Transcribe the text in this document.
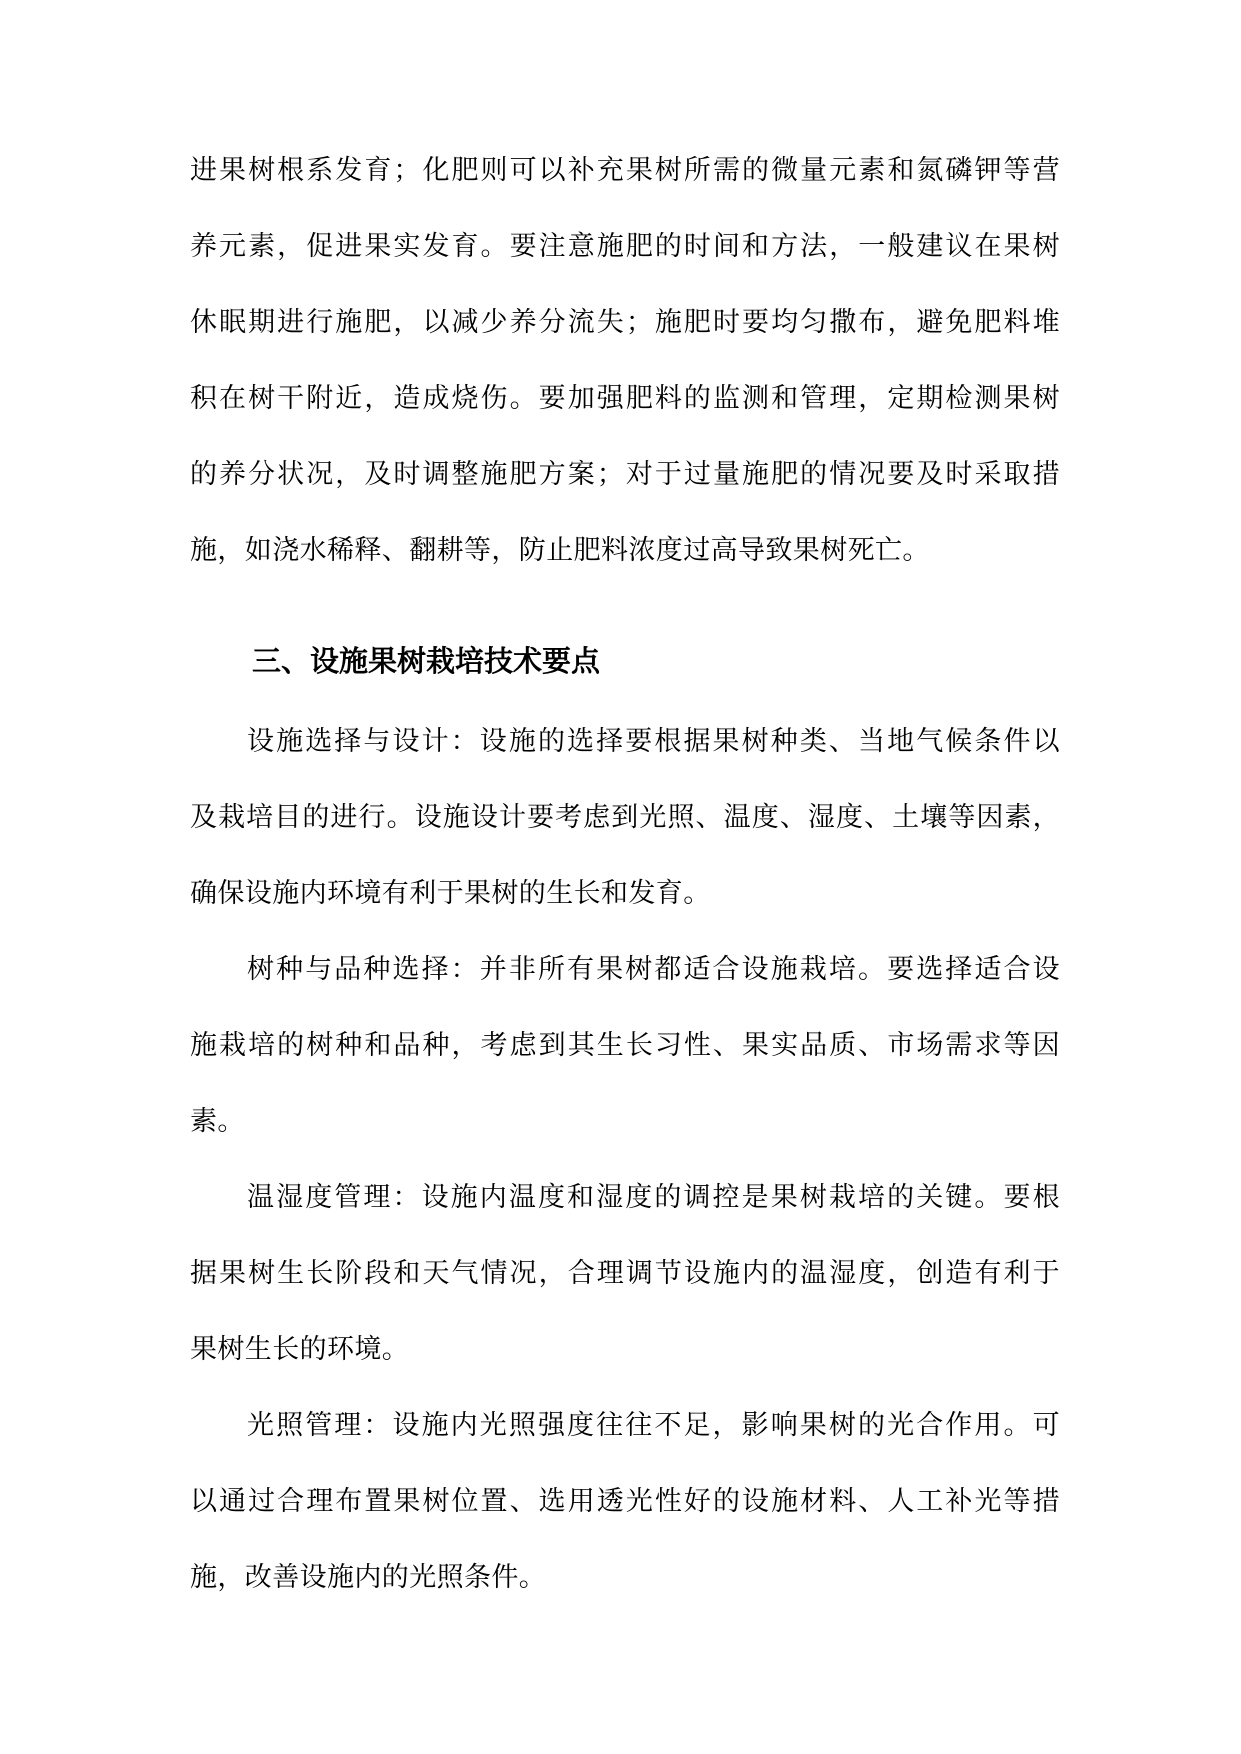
进果树根系发育；化肥则可以补充果树所需的微量元素和氮磷钾等营
养元素，促进果实发育。要注意施肥的时间和方法，一般建议在果树
休眠期进行施肥，以减少养分流失；施肥时要均匀撒布，避免肥料堆
积在树干附近，造成烧伤。要加强肥料的监测和管理，定期检测果树
的养分状况，及时调整施肥方案；对于过量施肥的情况要及时采取措
施，如浇水稀释、翻耕等，防止肥料浓度过高导致果树死亡。
三、设施果树栽培技术要点
设施选择与设计：设施的选择要根据果树种类、当地气候条件以
及栽培目的进行。设施设计要考虑到光照、温度、湿度、土壤等因素，
确保设施内环境有利于果树的生长和发育。
树种与品种选择：并非所有果树都适合设施栽培。要选择适合设
施栽培的树种和品种，考虑到其生长习性、果实品质、市场需求等因
素。
温湿度管理：设施内温度和湿度的调控是果树栽培的关键。要根
据果树生长阶段和天气情况，合理调节设施内的温湿度，创造有利于
果树生长的环境。
光照管理：设施内光照强度往往不足，影响果树的光合作用。可
以通过合理布置果树位置、选用透光性好的设施材料、人工补光等措
施，改善设施内的光照条件。
